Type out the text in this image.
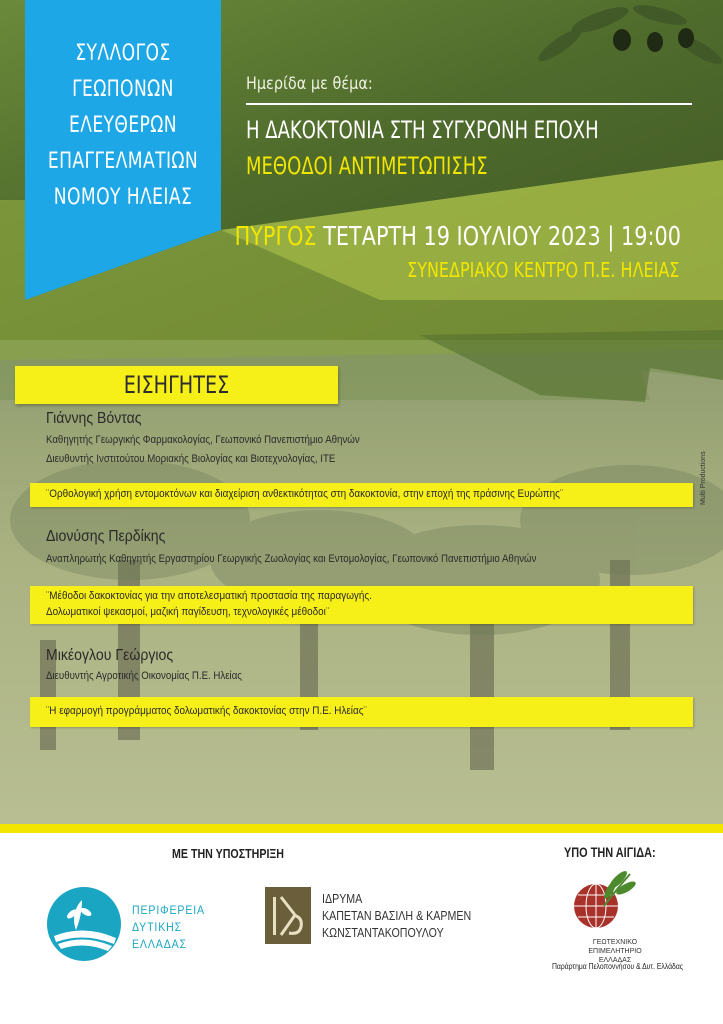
ΣΥΛΛΟΓΟΣ
ΓΕΩΠΟΝΩΝ
ΕΛΕΥΘΕΡΩΝ
ΕΠΑΓΓΕΛΜΑΤΙΩΝ
ΝΟΜΟΥ ΗΛΕΙΑΣ
Ημερίδα με θέμα:
Η ΔΑΚΟΚΤΟΝΙΑ ΣΤΗ ΣΥΓΧΡΟΝΗ ΕΠΟΧΗ
ΜΕΘΟΔΟΙ ΑΝΤΙΜΕΤΩΠΙΣΗΣ
ΠΥΡΓΟΣ ΤΕΤΑΡΤΗ 19 ΙΟΥΛΙΟΥ 2023 | 19:00
ΣΥΝΕΔΡΙΑΚΟ ΚΕΝΤΡΟ Π.Ε. ΗΛΕΙΑΣ
ΕΙΣΗΓΗΤΕΣ
Γιάννης Βόντας
Καθηγητής Γεωργικής Φαρμακολογίας, Γεωπονικό Πανεπιστήμιο Αθηνών
Διευθυντής Ινστιτούτου Μοριακής Βιολογίας και Βιοτεχνολογίας, ΙΤΕ
¨Ορθολογική χρήση εντομοκτόνων και διαχείριση ανθεκτικότητας στη δακοκτονία, στην εποχή της πράσινης Ευρώπης¨
Διονύσης Περδίκης
Αναπληρωτής Καθηγητής Εργαστηρίου Γεωργικής Ζωολογίας και Εντομολογίας, Γεωπονικό Πανεπιστήμιο Αθηνών
¨Μέθοδοι δακοκτονίας για την αποτελεσματική προστασία της παραγωγής.
Δολωματικοί ψεκασμοί, μαζική παγίδευση, τεχνολογικές μέθοδοι¨
Μικέογλου Γεώργιος
Διευθυντής Αγροτικής Οικονομίας Π.Ε. Ηλείας
¨Η εφαρμογή προγράμματος δολωματικής δακοκτονίας στην Π.Ε. Ηλείας¨
Multi Productions
ΜΕ ΤΗΝ ΥΠΟΣΤΗΡΙΞΗ	ΥΠΟ ΤΗΝ ΑΙΓΙΔΑ:
ΠΕΡΙΦΕΡΕΙΑ
ΔΥΤΙΚΗΣ
ΕΛΛΑΔΑΣ
ΙΔΡΥΜΑ
ΚΑΠΕΤΑΝ ΒΑΣΙΛΗ & ΚΑΡΜΕΝ
ΚΩΝΣΤΑΝΤΑΚΟΠΟΥΛΟΥ
ΓΕΩΤΕΧΝΙΚΟ
ΕΠΙΜΕΛΗΤΗΡΙΟ
ΕΛΛΑΔΑΣ
Παράρτημα Πελοποννήσου & Δυτ. Ελλάδας
